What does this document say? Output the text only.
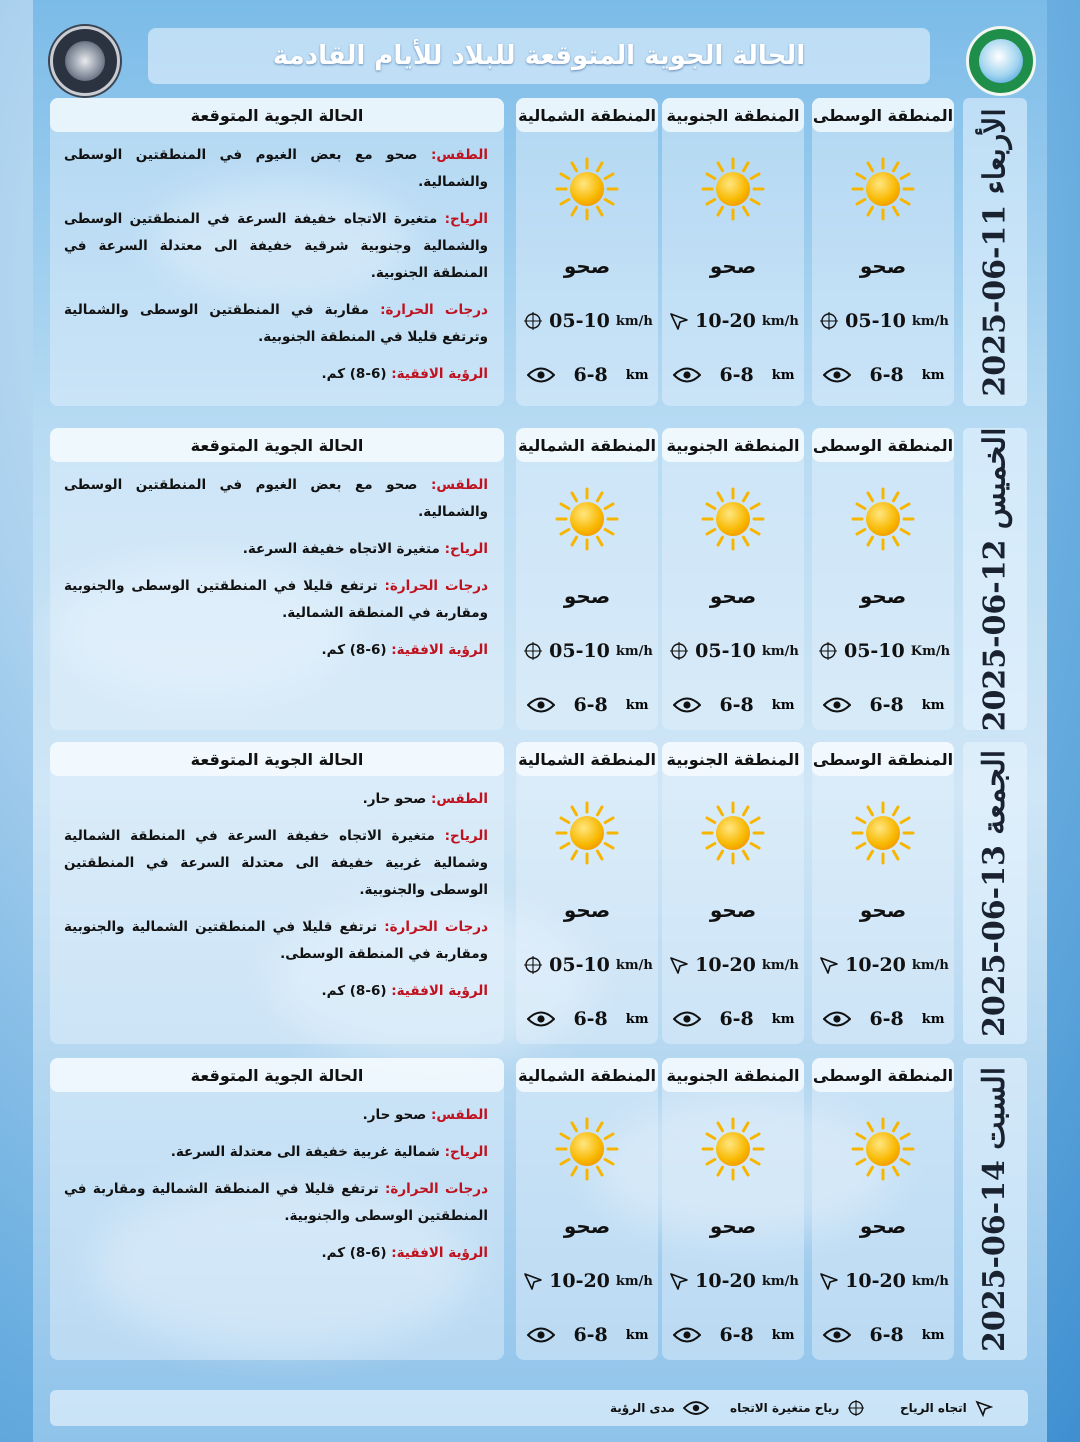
الحالة الجوية المتوقعة للبلاد للأيام القادمة
الأربعاء 11-06-2025
المنطقة الوسطى
صحو
05-10 km/h
6-8 km
المنطقة الجنوبية
صحو
10-20 km/h
6-8 km
المنطقة الشمالية
صحو
05-10 km/h
6-8 km
الحالة الجوية المتوقعة

الطقس: صحو مع بعض الغيوم في المنطقتين الوسطى والشمالية.

الرياح: متغيرة الاتجاه خفيفة السرعة في المنطقتين الوسطى والشمالية وجنوبية شرقية خفيفة الى معتدلة السرعة في المنطقة الجنوبية.

درجات الحرارة: مقاربة في المنطقتين الوسطى والشمالية وترتفع قليلا في المنطقة الجنوبية.

الرؤية الافقية: (6-8) كم.

الخميس 12-06-2025
المنطقة الوسطى
صحو
05-10 Km/h
6-8 km
المنطقة الجنوبية
صحو
05-10 km/h
6-8 km
المنطقة الشمالية
صحو
05-10 km/h
6-8 km
الحالة الجوية المتوقعة

الطقس: صحو مع بعض الغيوم في المنطقتين الوسطى والشمالية.

الرياح: متغيرة الاتجاه خفيفة السرعة.

درجات الحرارة: ترتفع قليلا في المنطقتين الوسطى والجنوبية ومقاربة في المنطقة الشمالية.

الرؤية الافقية: (6-8) كم.

الجمعة 13-06-2025
المنطقة الوسطى
صحو
10-20 km/h
6-8 km
المنطقة الجنوبية
صحو
10-20 km/h
6-8 km
المنطقة الشمالية
صحو
05-10 km/h
6-8 km
الحالة الجوية المتوقعة

الطقس: صحو حار.

الرياح: متغيرة الاتجاه خفيفة السرعة في المنطقة الشمالية وشمالية غربية خفيفة الى معتدلة السرعة في المنطقتين الوسطى والجنوبية.

درجات الحرارة: ترتفع قليلا في المنطقتين الشمالية والجنوبية ومقاربة في المنطقة الوسطى.

الرؤية الافقية: (6-8) كم.

السبت 14-06-2025
المنطقة الوسطى
صحو
10-20 km/h
6-8 km
المنطقة الجنوبية
صحو
10-20 km/h
6-8 km
المنطقة الشمالية
صحو
10-20 km/h
6-8 km
الحالة الجوية المتوقعة

الطقس: صحو حار.

الرياح: شمالية غربية خفيفة الى معتدلة السرعة.

درجات الحرارة: ترتفع قليلا في المنطقة الشمالية ومقاربة في المنطقتين الوسطى والجنوبية.

الرؤية الافقية: (6-8) كم.

اتجاه الرياح
رياح متغيرة الاتجاه
مدى الرؤية
